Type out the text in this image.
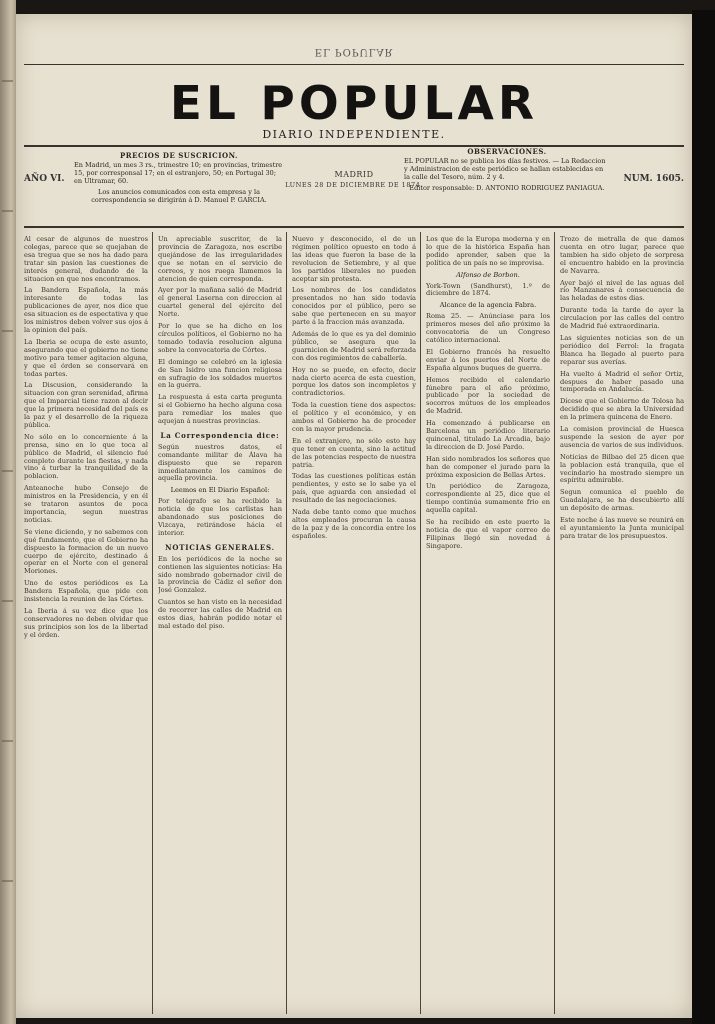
EL POPULAR
EL POPULAR
DIARIO INDEPENDIENTE.
PRECIOS DE SUSCRICION.
En Madrid, un mes 3 rs., trimestre 10; en provincias, trimestre 15, por corresponsal 17; en el estranjero, 50; en Portugal 30; en Ultramar, 60.
Los anuncios comunicados con esta empresa y la correspondencia se dirigirán á D. Manuel P. GARCIA.
AÑO VI.	MADRID
LUNES 28 DE DICIEMBRE DE 1874.
OBSERVACIONES.
EL POPULAR no se publica los días festivos. — La Redaccion y Administracion de este periódico se hallan establecidas en la calle del Tesoro, núm. 2 y 4.
Editor responsable: D. ANTONIO RODRIGUEZ PANIAGUA.
NUM. 1605.
Al cesar de algunos de nuestros colegas, parece que se quejaban de esa tregua que se nos ha dado para tratar sin pasion las cuestiones de interés general, dudando de la situacion en que nos encontramos.
La Bandera Española, la más interesante de todas las publicaciones de ayer, nos dice que esa situacion es de espectativa y que los ministros deben volver sus ojos á la opinion del país.
La Iberia se ocupa de este asunto, asegurando que el gobierno no tiene motivo para temer agitacion alguna, y que el órden se conservará en todas partes.
La Discusion, considerando la situacion con gran serenidad, afirma que el Imparcial tiene razon al decir que la primera necesidad del país es la paz y el desarrollo de la riqueza pública.
No sólo en lo concerniente á la prensa, sino en lo que toca al público de Madrid, el silencio fué completo durante las fiestas, y nada vino á turbar la tranquilidad de la poblacion.
Anteanoche hubo Consejo de ministros en la Presidencia, y en él se trataron asuntos de poca importancia, segun nuestras noticias.
Se viene diciendo, y no sabemos con qué fundamento, que el Gobierno ha dispuesto la formacion de un nuevo cuerpo de ejército, destinado á operar en el Norte con el general Moriones.
Uno de estos periódicos es La Bandera Española, que pide con insistencia la reunion de las Córtes.
La Iberia á su vez dice que los conservadores no deben olvidar que sus principios son los de la libertad y el órden.
Un apreciable suscritor, de la provincia de Zaragoza, nos escribe quejándose de las irregularidades que se notan en el servicio de correos, y nos ruega llamemos la atencion de quien corresponda.
Ayer por la mañana salió de Madrid el general Laserna con direccion al cuartel general del ejército del Norte.
Por lo que se ha dicho en los círculos políticos, el Gobierno no ha tomado todavía resolucion alguna sobre la convocatoria de Córtes.
El domingo se celebró en la iglesia de San Isidro una funcion religiosa en sufragio de los soldados muertos en la guerra.
La respuesta á esta carta pregunta si el Gobierno ha hecho alguna cosa para remediar los males que aquejan á nuestras provincias.
La Correspondencia dice:
Según nuestros datos, el comandante militar de Álava ha dispuesto que se reparen inmediatamente los caminos de aquella provincia.
Leemos en El Diario Español:
Por telégrafo se ha recibido la noticia de que los carlistas han abandonado sus posiciones de Vizcaya, retirándose hácia el interior.
NOTICIAS GENERALES.
En los periódicos de la noche se contienen las siguientes noticias: Ha sido nombrado gobernador civil de la provincia de Cádiz el señor don José Gonzalez.
Cuantos se han visto en la necesidad de recorrer las calles de Madrid en estos dias, habrán podido notar el mal estado del piso.
Nuevo y desconocido, el de un régimen político opuesto en todo á las ideas que fueron la base de la revolucion de Setiembre, y al que los partidos liberales no pueden aceptar sin protesta.
Los nombres de los candidatos presentados no han sido todavía conocidos por el público, pero se sabe que pertenecen en su mayor parte á la fraccion más avanzada.
Además de lo que es ya del dominio público, se asegura que la guarnicion de Madrid será reforzada con dos regimientos de caballería.
Hoy no se puede, en efecto, decir nada cierto acerca de esta cuestion, porque los datos son incompletos y contradictorios.
Toda la cuestion tiene dos aspectos: el político y el económico, y en ambos el Gobierno ha de proceder con la mayor prudencia.
En el extranjero, no sólo esto hay que tener en cuenta, sino la actitud de las potencias respecto de nuestra patria.
Todas las cuestiones políticas están pendientes, y esto se lo sabe ya el país, que aguarda con ansiedad el resultado de las negociaciones.
Nada debe tanto como que muchos altos empleados procuran la causa de la paz y de la concordia entre los españoles.
Los que de la Europa moderna y en lo que de la histórica España han podido aprender, saben que la política de un país no se improvisa.
Alfonso de Borbon.
York-Town (Sandhurst), 1.º de diciembre de 1874.
Alcance de la agencia Fabra.
Roma 25. — Anúnciase para los primeros meses del año próximo la convocatoria de un Congreso católico internacional.
El Gobierno francés ha resuelto enviar á los puertos del Norte de España algunos buques de guerra.
Hemos recibido el calendario fúnebre para el año próximo, publicado por la sociedad de socorros mútuos de los empleados de Madrid.
Ha comenzado á publicarse en Barcelona un periódico literario quincenal, titulado La Arcadia, bajo la direccion de D. José Pardo.
Han sido nombrados los señores que han de componer el jurado para la próxima exposicion de Bellas Artes.
Un periódico de Zaragoza, correspondiente al 25, dice que el tiempo continúa sumamente frio en aquella capital.
Se ha recibido en este puerto la noticia de que el vapor correo de Filipinas llegó sin novedad á Singapore.
Trozo de metralla de que damos cuenta en otro lugar, parece que tambien ha sido objeto de sorpresa el encuentro habido en la provincia de Navarra.
Ayer bajó el nivel de las aguas del río Manzanares á consecuencia de las heladas de estos dias.
Durante toda la tarde de ayer la circulacion por las calles del centro de Madrid fué extraordinaria.
Las siguientes noticias son de un periódico del Ferrol: la fragata Blanca ha llegado al puerto para reparar sus averías.
Ha vuelto á Madrid el señor Ortiz, despues de haber pasado una temporada en Andalucía.
Dícese que el Gobierno de Tolosa ha decidido que se abra la Universidad en la primera quincena de Enero.
La comision provincial de Huesca suspende la sesion de ayer por ausencia de varios de sus individuos.
Noticias de Bilbao del 25 dicen que la poblacion está tranquila, que el vecindario ha mostrado siempre un espíritu admirable.
Segun comunica el pueblo de Guadalajara, se ha descubierto allí un depósito de armas.
Este noche á las nueve se reunirá en el ayuntamiento la Junta municipal para tratar de los presupuestos.
